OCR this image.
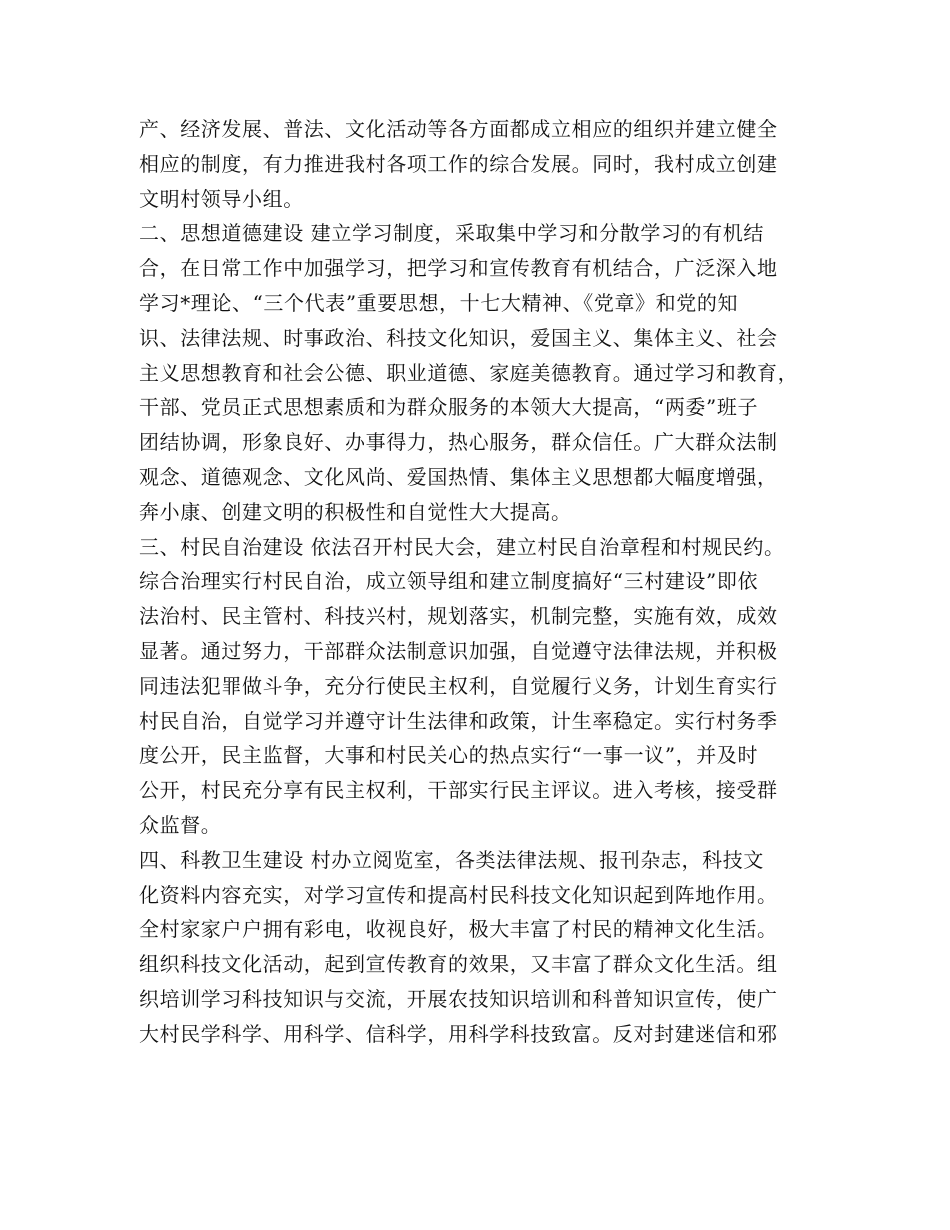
产、经济发展、普法、文化活动等各方面都成立相应的组织并建立健全
相应的制度，有力推进我村各项工作的综合发展。同时，我村成立创建
文明村领导小组。
二、思想道德建设 建立学习制度，采取集中学习和分散学习的有机结
合，在日常工作中加强学习，把学习和宣传教育有机结合，广泛深入地
学习*理论、“三个代表”重要思想，十七大精神、《党章》和党的知
识、法律法规、时事政治、科技文化知识，爱国主义、集体主义、社会
主义思想教育和社会公德、职业道德、家庭美德教育。通过学习和教育，
干部、党员正式思想素质和为群众服务的本领大大提高，“两委”班子
团结协调，形象良好、办事得力，热心服务，群众信任。广大群众法制
观念、道德观念、文化风尚、爱国热情、集体主义思想都大幅度增强，
奔小康、创建文明的积极性和自觉性大大提高。
三、村民自治建设 依法召开村民大会，建立村民自治章程和村规民约。
综合治理实行村民自治，成立领导组和建立制度搞好“三村建设”即依
法治村、民主管村、科技兴村，规划落实，机制完整，实施有效，成效
显著。通过努力，干部群众法制意识加强，自觉遵守法律法规，并积极
同违法犯罪做斗争，充分行使民主权利，自觉履行义务，计划生育实行
村民自治，自觉学习并遵守计生法律和政策，计生率稳定。实行村务季
度公开，民主监督，大事和村民关心的热点实行“一事一议”，并及时
公开，村民充分享有民主权利，干部实行民主评议。进入考核，接受群
众监督。
四、科教卫生建设 村办立阅览室，各类法律法规、报刊杂志，科技文
化资料内容充实，对学习宣传和提高村民科技文化知识起到阵地作用。
全村家家户户拥有彩电，收视良好，极大丰富了村民的精神文化生活。
组织科技文化活动，起到宣传教育的效果，又丰富了群众文化生活。组
织培训学习科技知识与交流，开展农技知识培训和科普知识宣传，使广
大村民学科学、用科学、信科学，用科学科技致富。反对封建迷信和邪
